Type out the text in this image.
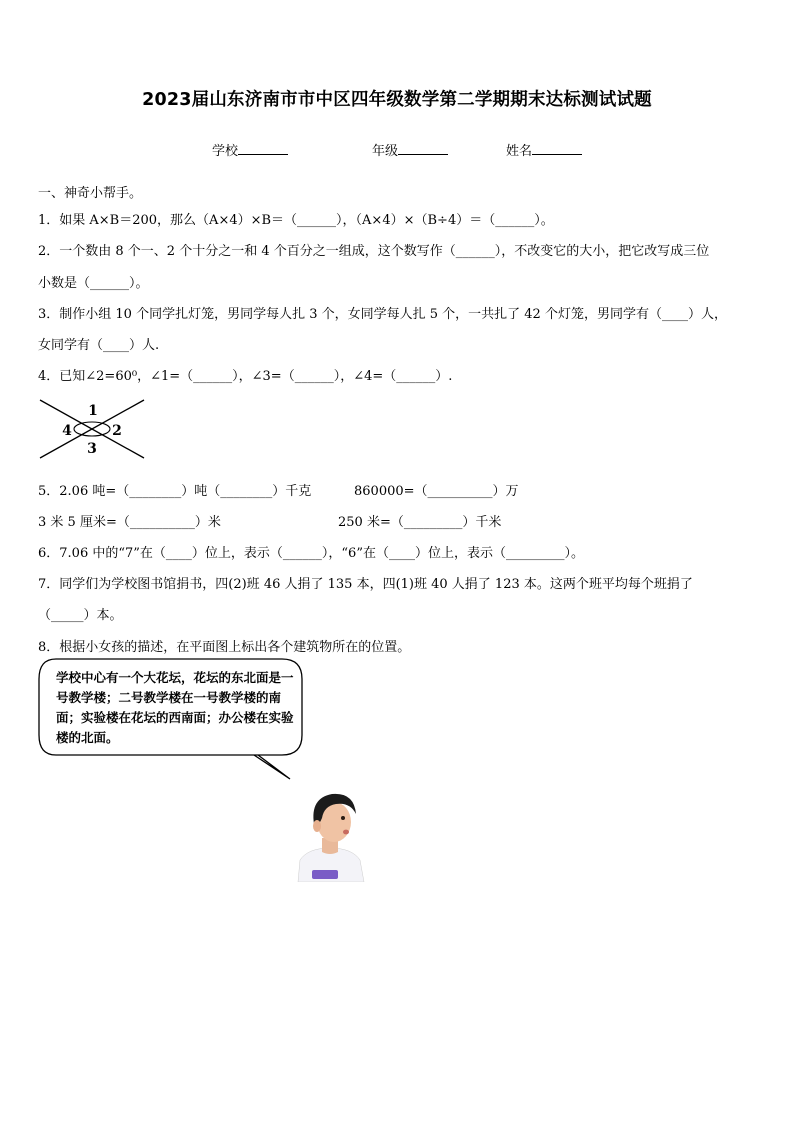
2023届山东济南市市中区四年级数学第二学期期末达标测试试题
学校	年级	姓名
一、神奇小帮手。
1．如果 A×B＝200，那么（A×4）×B＝（______），（A×4）×（B÷4）＝（______）。
2．一个数由 8 个一、2 个十分之一和 4 个百分之一组成，这个数写作（______），不改变它的大小，把它改写成三位
小数是（______）。
3．制作小组 10 个同学扎灯笼，男同学每人扎 3 个，女同学每人扎 5 个，一共扎了 42 个灯笼，男同学有（____）人，
女同学有（____）人.
4．已知∠2=60⁰，∠1=（______），∠3=（______），∠4=（______）.
1
2
3
4
5．2.06 吨=（________）吨（________）千克	860000=（__________）万
3 米 5 厘米=（__________）米	250 米=（_________）千米
6．7.06 中的“7”在（____）位上，表示（______），“6”在（____）位上，表示（_________）。
7．同学们为学校图书馆捐书，四(2)班 46 人捐了 135 本，四(1)班 40 人捐了 123 本。这两个班平均每个班捐了
（_____）本。
8．根据小女孩的描述，在平面图上标出各个建筑物所在的位置。
学校中心有一个大花坛，花坛的东北面是一号教学楼；二号教学楼在一号教学楼的南面；实验楼在花坛的西南面；办公楼在实验楼的北面。
